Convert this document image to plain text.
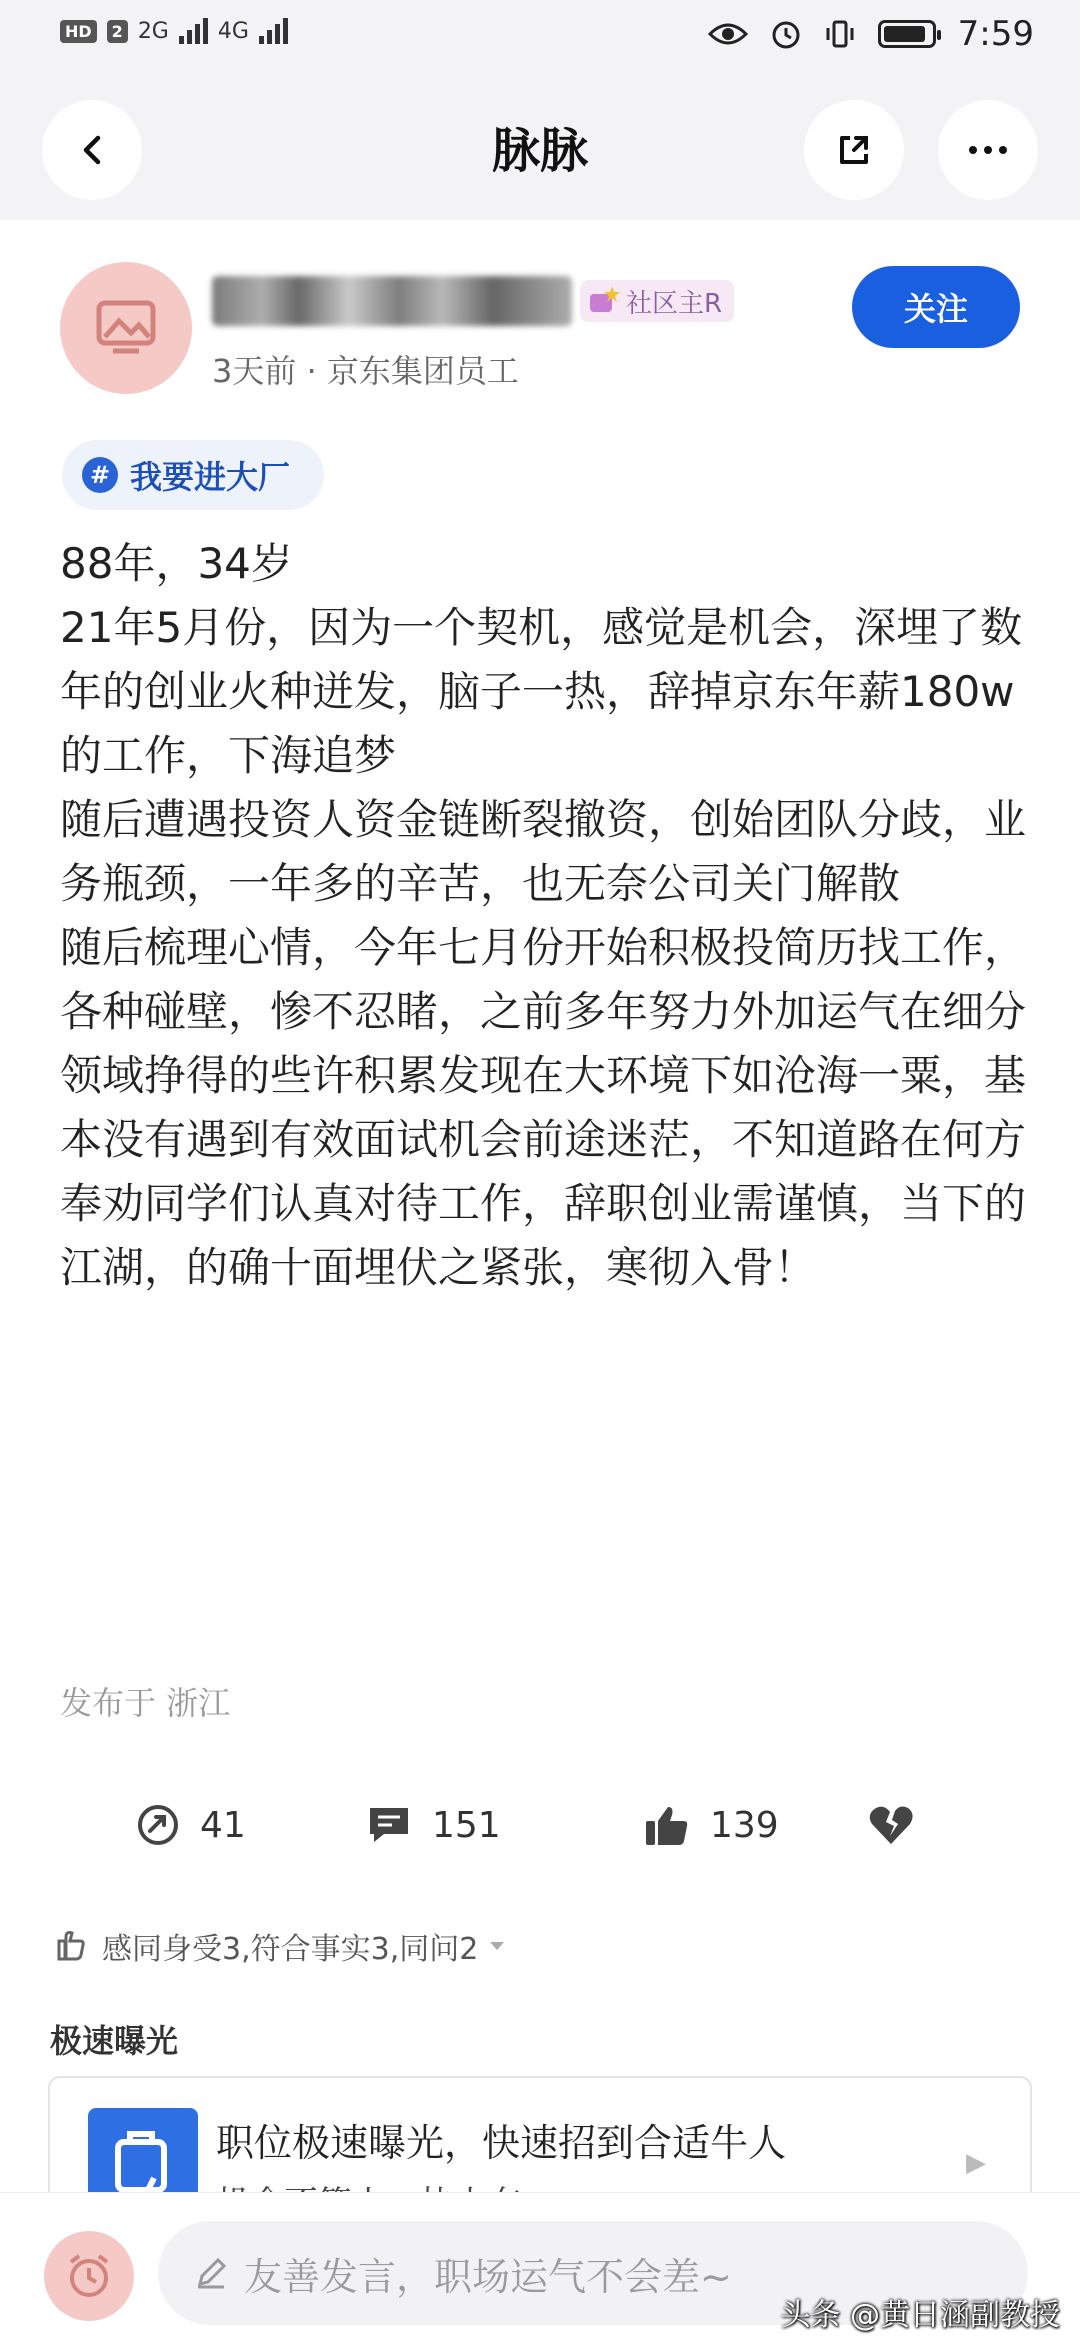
HD	2 2G 4G	7:59
脉脉
社区主R
3天前 · 京东集团员工
关注
# 我要进大厂

88年，34岁

21年5月份，因为一个契机，感觉是机会，深埋了数年的创业火种迸发，脑子一热，辞掉京东年薪180w的工作，下海追梦

随后遭遇投资人资金链断裂撤资，创始团队分歧，业务瓶颈，一年多的辛苦，也无奈公司关门解散

随后梳理心情，今年七月份开始积极投简历找工作，各种碰壁，惨不忍睹，之前多年努力外加运气在细分领域挣得的些许积累发现在大环境下如沧海一粟，基本没有遇到有效面试机会前途迷茫，不知道路在何方

奉劝同学们认真对待工作，辞职创业需谨慎，当下的江湖，的确十面埋伏之紧张，寒彻入骨！

发布于 浙江
41	151	139
感同身受3,符合事实3,同问2
极速曝光
职位极速曝光，快速招到合适牛人	▶
友善发言，职场运气不会差~
头条 @黄日涵副教授
